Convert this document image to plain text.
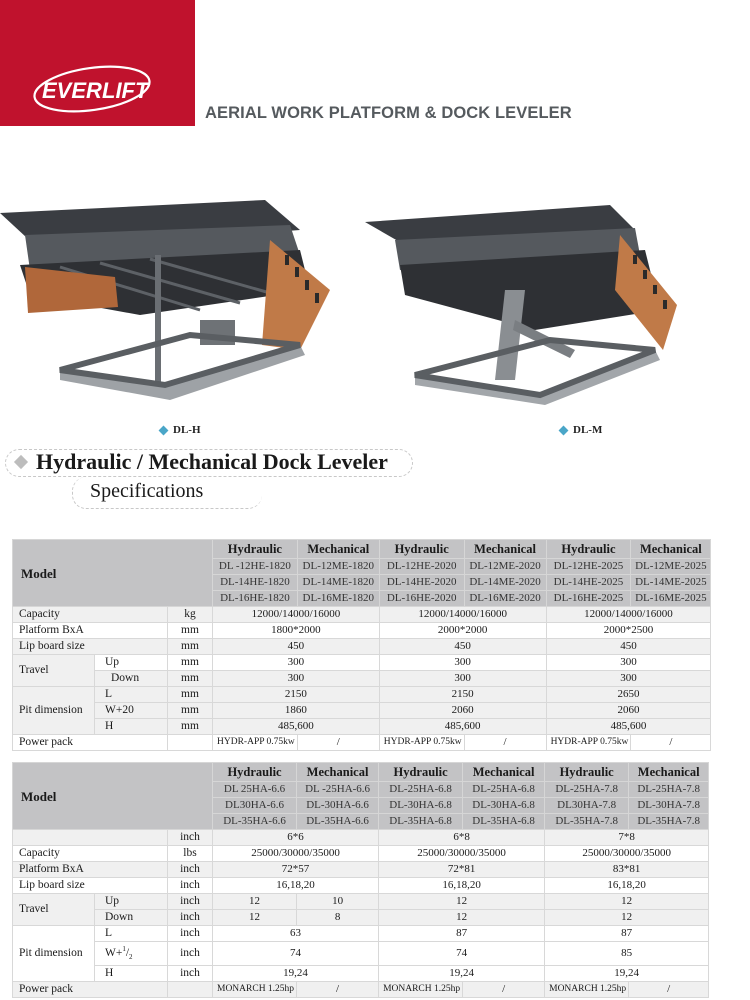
EVER LIFT
AERIAL WORK PLATFORM & DOCK LEVELER
DL-H	DL-M
Hydraulic / Mechanical Dock Leveler
Specifications
Model			Hydraulic	Mechanical	Hydraulic	Mechanical	Hydraulic	Mechanical
			DL -12HE-1820	DL-12ME-1820	DL-12HE-2020	DL-12ME-2020	DL-12HE-2025	DL-12ME-2025
			DL-14HE-1820	DL-14ME-1820	DL-14HE-2020	DL-14ME-2020	DL-14HE-2025	DL-14ME-2025
			DL-16HE-1820	DL-16ME-1820	DL-16HE-2020	DL-16ME-2020	DL-16HE-2025	DL-16ME-2025
Capacity		kg	12000/14000/16000		12000/14000/16000		12000/14000/16000	
Platform BxA		mm	1800*2000		2000*2000		2000*2500	
Lip board size		mm	450		450		450	
Travel	Up	mm	300		300		300	
	Down	mm	300		300		300	
Pit dimension	L	mm	2150		2150		2650	
	W+20	mm	1860		2060		2060	
	H	mm	485,600		485,600		485,600	
Power pack			HYDR-APP 0.75kw	/	HYDR-APP 0.75kw	/	HYDR-APP 0.75kw	/
Model			Hydraulic	Mechanical	Hydraulic	Mechanical	Hydraulic	Mechanical
			DL 25HA-6.6	DL -25HA-6.6	DL-25HA-6.8	DL-25HA-6.8	DL-25HA-7.8	DL-25HA-7.8
			DL30HA-6.6	DL-30HA-6.6	DL-30HA-6.8	DL-30HA-6.8	DL30HA-7.8	DL-30HA-7.8
			DL-35HA-6.6	DL-35HA-6.6	DL-35HA-6.8	DL-35HA-6.8	DL-35HA-7.8	DL-35HA-7.8
		inch	6*6		6*8		7*8	
Capacity		lbs	25000/30000/35000		25000/30000/35000		25000/30000/35000	
Platform BxA		inch	72*57		72*81		83*81	
Lip board size		inch	16,18,20		16,18,20		16,18,20	
Travel	Up	inch	12	10	12		12	
	Down	inch	12	8	12		12	
Pit dimension	L	inch	63		87		87	
	$W+^1/_2$	inch	74		74		85	
	H	inch	19,24		19,24		19,24	
Power pack			MONARCH 1.25hp	/	MONARCH 1.25hp	/	MONARCH 1.25hp	/
